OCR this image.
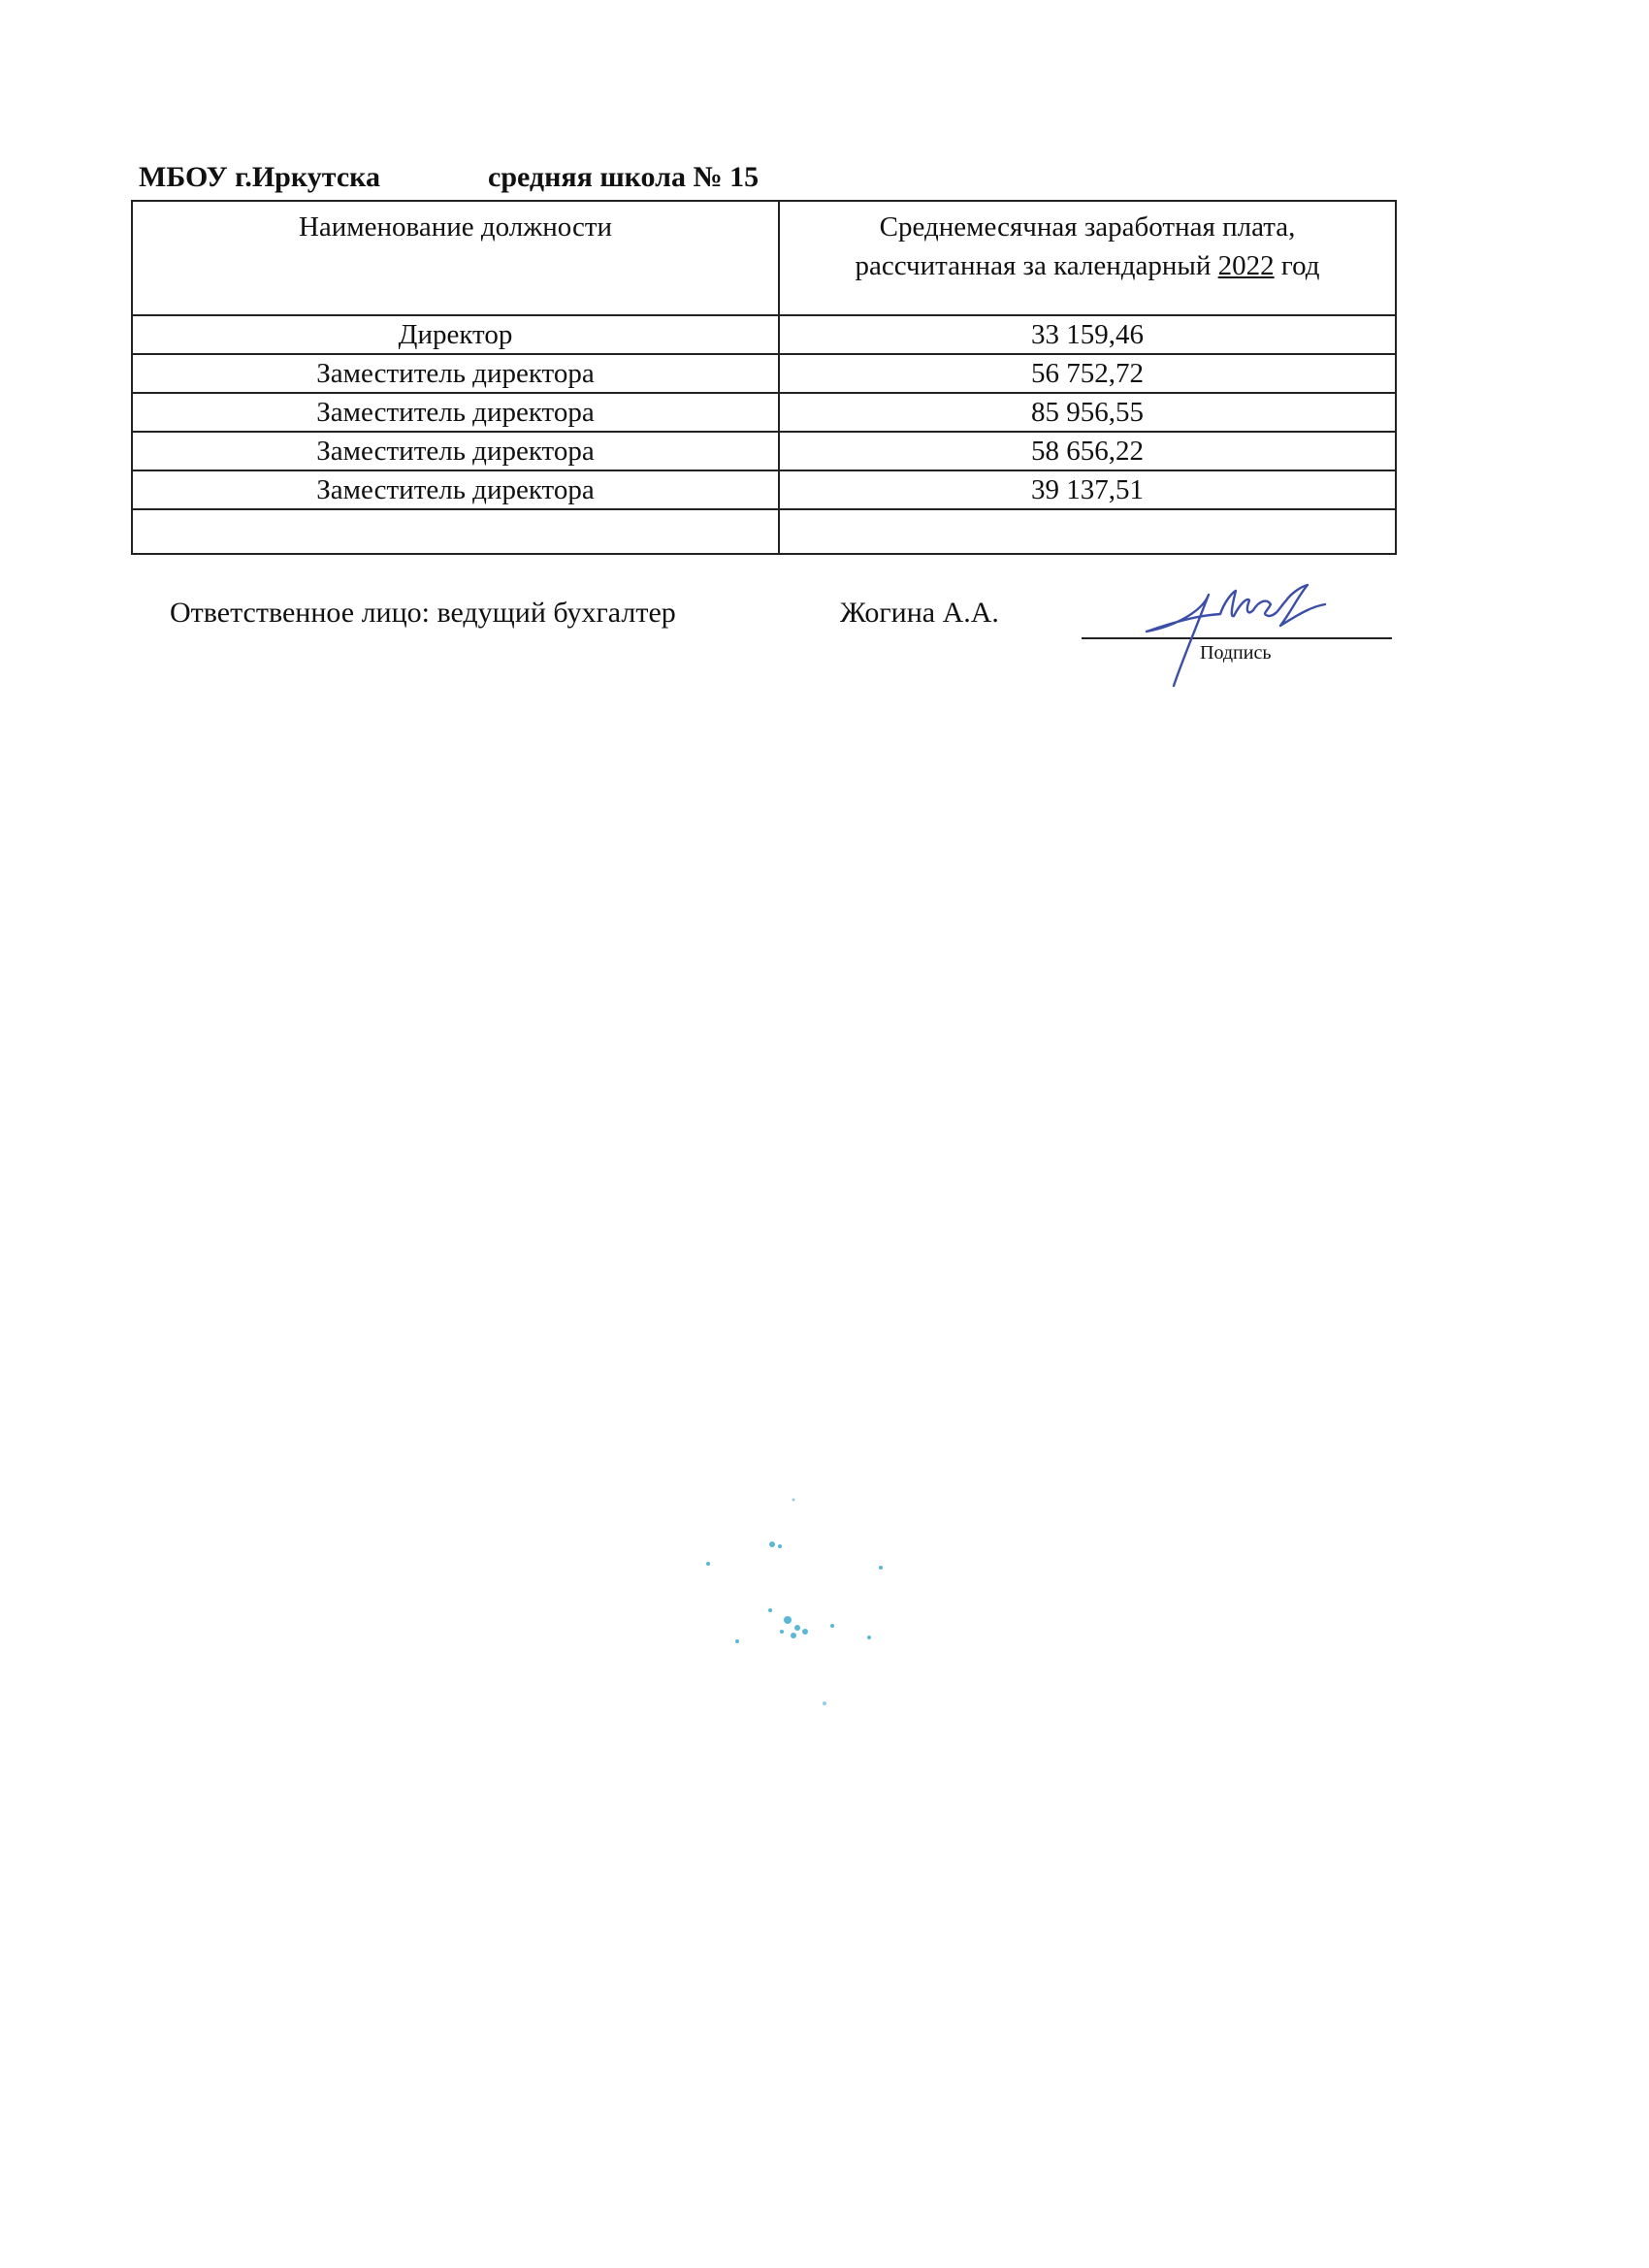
МБОУ г.Иркутска	средняя школа № 15
Наименование должности	Среднемесячная заработная плата,
рассчитанная за календарный 2022 год
Директор	33 159,46
Заместитель директора	56 752,72
Заместитель директора	85 956,55
Заместитель директора	58 656,22
Заместитель директора	39 137,51

Ответственное лицо: ведущий бухгалтер	Жогина А.А.
Подпись
